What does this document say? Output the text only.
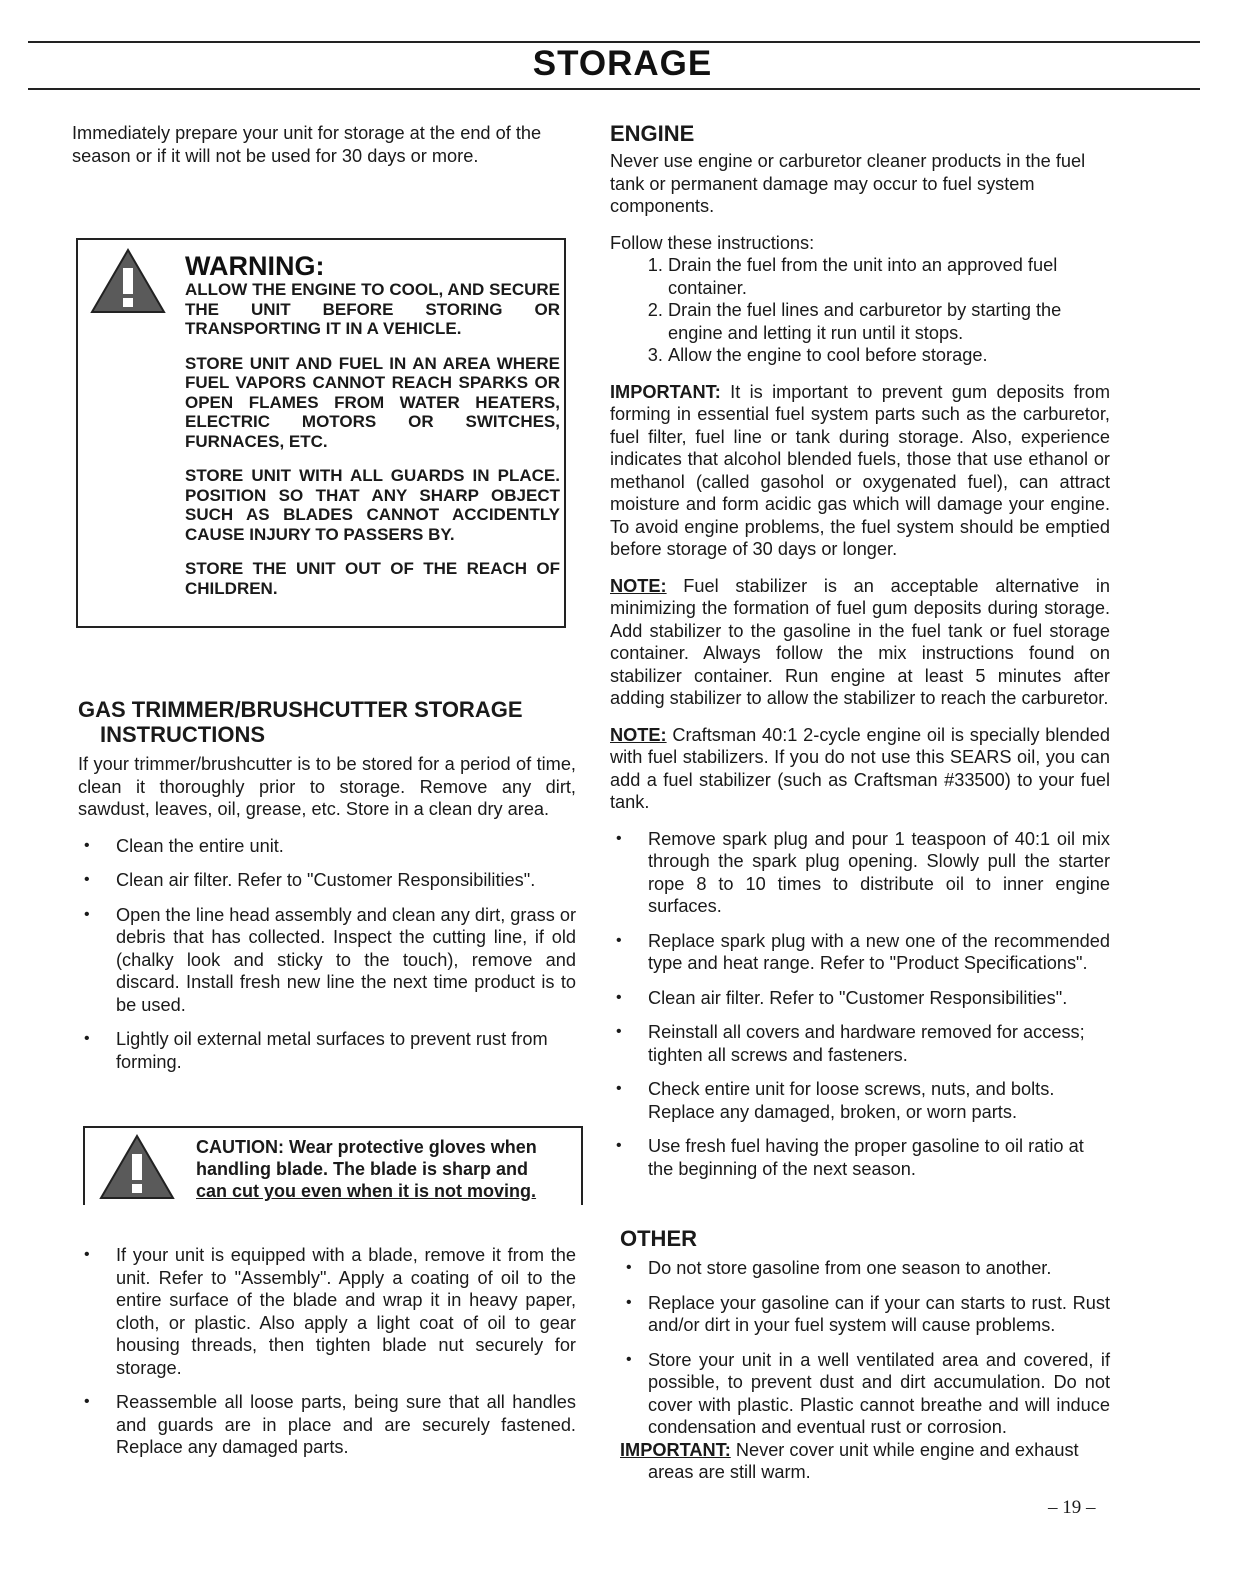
STORAGE

Immediately prepare your unit for storage at the end of the season or if it will not be used for 30 days or more.

WARNING:

ALLOW THE ENGINE TO COOL, AND SECURE THE UNIT BEFORE STORING OR TRANSPORTING IT IN A VEHICLE.

STORE UNIT AND FUEL IN AN AREA WHERE FUEL VAPORS CANNOT REACH SPARKS OR OPEN FLAMES FROM WATER HEATERS, ELECTRIC MOTORS OR SWITCHES, FURNACES, ETC.

STORE UNIT WITH ALL GUARDS IN PLACE. POSITION SO THAT ANY SHARP OBJECT SUCH AS BLADES CANNOT ACCIDENTLY CAUSE INJURY TO PASSERS BY.

STORE THE UNIT OUT OF THE REACH OF CHILDREN.

GAS TRIMMER/BRUSHCUTTER STORAGE
INSTRUCTIONS

If your trimmer/brushcutter is to be stored for a period of time, clean it thoroughly prior to storage. Remove any dirt, sawdust, leaves, oil, grease, etc. Store in a clean dry area.

• Clean the entire unit.
• Clean air filter. Refer to "Customer Responsibilities".
• Open the line head assembly and clean any dirt, grass or debris that has collected. Inspect the cutting line, if old (chalky look and sticky to the touch), remove and discard. Install fresh new line the next time product is to be used.
• Lightly oil external metal surfaces to prevent rust from forming.
CAUTION: Wear protective gloves when
handling blade. The blade is sharp and
can cut you even when it is not moving.
• If your unit is equipped with a blade, remove it from the unit. Refer to "Assembly". Apply a coating of oil to the entire surface of the blade and wrap it in heavy paper, cloth, or plastic. Also apply a light coat of oil to gear housing threads, then tighten blade nut securely for storage.
• Reassemble all loose parts, being sure that all handles and guards are in place and are securely fastened. Replace any damaged parts.
ENGINE

Never use engine or carburetor cleaner products in the fuel tank or permanent damage may occur to fuel system components.

Follow these instructions:

1. Drain the fuel from the unit into an approved fuel container.
2. Drain the fuel lines and carburetor by starting the engine and letting it run until it stops.
3. Allow the engine to cool before storage.

IMPORTANT: It is important to prevent gum deposits from forming in essential fuel system parts such as the carburetor, fuel filter, fuel line or tank during storage. Also, experience indicates that alcohol blended fuels, those that use ethanol or methanol (called gasohol or oxygenated fuel), can attract moisture and form acidic gas which will damage your engine. To avoid engine problems, the fuel system should be emptied before storage of 30 days or longer.

NOTE: Fuel stabilizer is an acceptable alternative in minimizing the formation of fuel gum deposits during storage. Add stabilizer to the gasoline in the fuel tank or fuel storage container. Always follow the mix instructions found on stabilizer container. Run engine at least 5 minutes after adding stabilizer to allow the stabilizer to reach the carburetor.

NOTE: Craftsman 40:1 2-cycle engine oil is specially blended with fuel stabilizers. If you do not use this SEARS oil, you can add a fuel stabilizer (such as Craftsman #33500) to your fuel tank.

• Remove spark plug and pour 1 teaspoon of 40:1 oil mix through the spark plug opening. Slowly pull the starter rope 8 to 10 times to distribute oil to inner engine surfaces.
• Replace spark plug with a new one of the recommended type and heat range. Refer to "Product Specifications".
• Clean air filter. Refer to "Customer Responsibilities".
• Reinstall all covers and hardware removed for access; tighten all screws and fasteners.
• Check entire unit for loose screws, nuts, and bolts. Replace any damaged, broken, or worn parts.
• Use fresh fuel having the proper gasoline to oil ratio at the beginning of the next season.
OTHER
• Do not store gasoline from one season to another.
• Replace your gasoline can if your can starts to rust. Rust and/or dirt in your fuel system will cause problems.
• Store your unit in a well ventilated area and covered, if possible, to prevent dust and dirt accumulation. Do not cover with plastic. Plastic cannot breathe and will induce condensation and eventual rust or corrosion.

IMPORTANT: Never cover unit while engine and exhaust areas are still warm.

– 19 –
